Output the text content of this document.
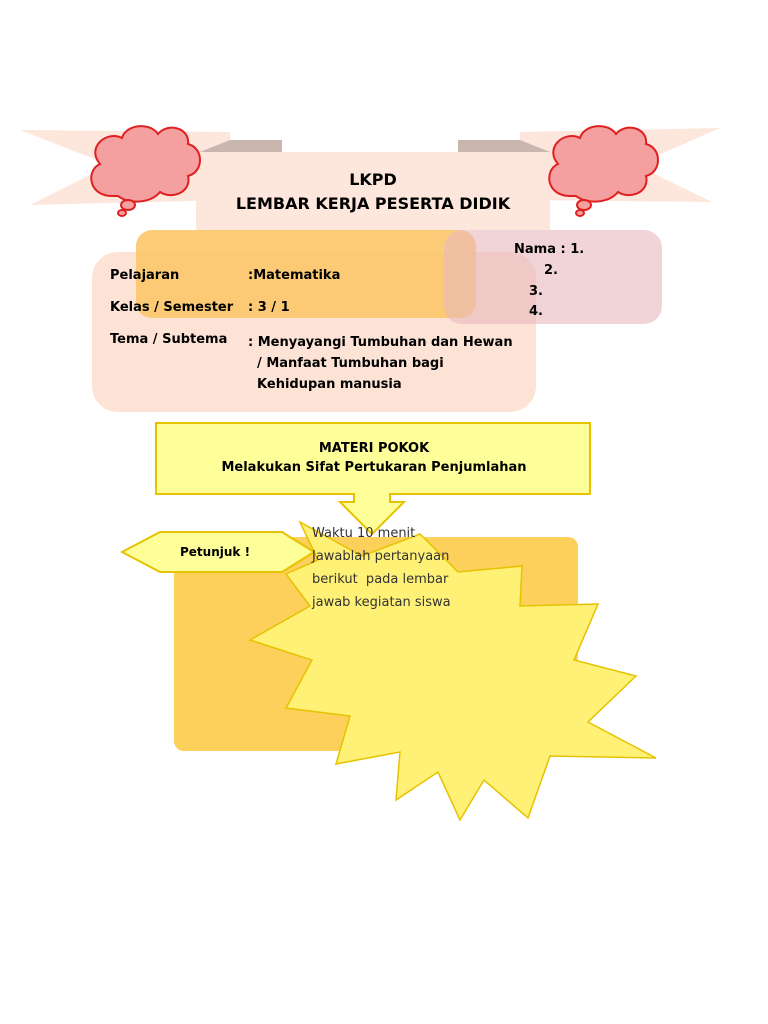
LKPD
LEMBAR KERJA PESERTA DIDIK
Pelajaran	:Matematika
Kelas / Semester : 3 / 1
Tema / Subtema : Menyayangi Tumbuhan dan Hewan
/ Manfaat Tumbuhan bagi
Kehidupan manusia
Nama : 1.
2.
3.
4.
MATERI POKOK
Melakukan Sifat Pertukaran Penjumlahan
Petunjuk !
Waktu 10 menit
Jawablah pertanyaan
berikut  pada lembar
jawab kegiatan siswa
